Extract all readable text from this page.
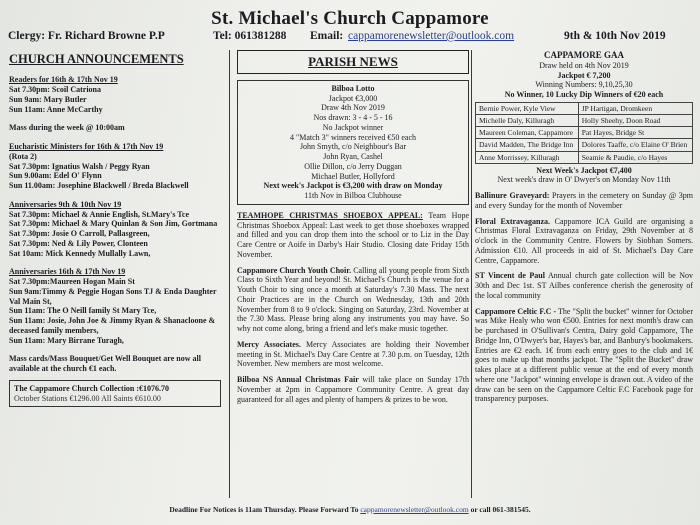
St. Michael's Church Cappamore
Clergy: Fr. Richard Browne P.P	Tel: 061381288 Email: cappamorenewsletter@outlook.com	9th & 10th Nov 2019
CHURCH ANNOUNCEMENTS
Readers for 16th & 17th Nov 19
Sat 7.30pm: Scoil Catriona
Sun 9am: Mary Butler
Sun 11am: Anne McCarthy
Mass during the week @ 10:00am
Eucharistic Ministers for 16th & 17th Nov 19
(Rota 2)
Sat 7.30pm: Ignatius Walsh / Peggy Ryan
Sun 9.00am: Edel O' Flynn
Sun 11.00am: Josephine Blackwell / Breda Blackwell
Anniversaries 9th & 10th Nov 19
Sat 7.30pm: Michael & Annie English, St.Mary's Tce
Sat 7.30pm: Michael & Mary Quinlan & Son Jim, Gortmana
Sat 7.30pm: Josie O Carroll, Pallasgreen,
Sat 7.30pm: Ned & Lily Power, Clonteen
Sat 10am: Mick Kennedy Mullally Lawn,
Anniversaries 16th & 17th Nov 19
Sat 7.30pm:Maureen Hogan Main St
Sun 9am:Timmy & Peggie Hogan Sons TJ & Enda Daughter Val Main St,
Sun 11am: The O Neill family St Mary Tce,
Sun 11am: Josie, John Joe & Jimmy Ryan & Shanacloone & deceased family members,
Sun 11am: Mary Birrane Turagh,
Mass cards/Mass Bouquet/Get Well Bouquet are now all available at the church €1 each.
The Cappamore Church Collection :€1076.70
October Stations €1296.00 All Saints €610.00
PARISH NEWS
Bilboa Lotto
Jackpot €3,000
Draw 4th Nov 2019
Nos drawn: 3 - 4 - 5 - 16
No Jackpot winner
4 "Match 3" winners received €50 each
John Smyth, c/o Neighbour's Bar
John Ryan, Cashel
Ollie Dillon, c/o Jerry Duggan
Michael Butler, Hollyford
Next week's Jackpot is €3,200 with draw on Monday
11th Nov in Bilboa Clubhouse
TEAMHOPE CHRISTMAS SHOEBOX APPEAL: Team Hope Christmas Shoebox Appeal: Last week to get those shoeboxes wrapped and filled and you can drop them into the school or to Liz in the Day Care Centre or Aoife in Darby's Hair Studio. Closing date Friday 15th November.
Cappamore Church Youth Choir. Calling all young people from Sixth Class to Sixth Year and beyond! St. Michael's Church is the venue for a Youth Choir to sing once a month at Saturday's 7.30 Mass. The next Choir Practices are in the Church on Wednesday, 13th and 20th November from 8 to 9 o'clock. Singing on Saturday, 23rd. November at the 7.30 Mass. Please bring along any instruments you may have. So why not come along, bring a friend and let's make music together.
Mercy Associates. Mercy Associates are holding their November meeting in St. Michael's Day Care Centre at 7.30 p.m. on Tuesday, 12th November. New members are most welcome.
Bilboa NS Annual Christmas Fair will take place on Sunday 17th November at 2pm in Cappamore Community Centre. A great day guaranteed for all ages and plenty of hampers & prizes to be won.
CAPPAMORE GAA
Draw held on 4th Nov 2019
Jackpot € 7,200
Winning Numbers: 9,10,25,30
No Winner, 10 Lucky Dip Winners of €20 each
Bernie Power, Kyle View	JP Hartigan, Dromkeen
Michelle Daly, Killuragh	Holly Sheehy, Doon Road
Maureen Coleman, Cappamore	Pat Hayes, Bridge St
David Madden, The Bridge Inn	Dolores Taaffe, c/o Elaine O' Brien
Anne Morrissey, Killuragh	Seamie & Paudie, c/o Hayes
Next Week's Jackpot €7,400
Next week's draw in O' Dwyer's on Monday Nov 11th
Ballinure Graveyard: Prayers in the cemetery on Sunday @ 3pm and every Sunday for the month of November
Floral Extravaganza. Cappamore ICA Guild are organising a Christmas Floral Extravaganza on Friday, 29th November at 8 o'clock in the Community Centre. Flowers by Siobhan Somers. Admission €10. All proceeds in aid of St. Michael's Day Care Centre, Cappamore.
ST Vincent de Paul Annual church gate collection will be Nov 30th and Dec 1st. ST Ailbes conference cherish the generosity of the local community
Cappamore Celtic F.C - The "Split the bucket" winner for October was Mike Healy who won €500. Entries for next month's draw can be purchased in O'Sullivan's Centra, Dairy gold Cappamore, The Bridge Inn, O'Dwyer's bar, Hayes's bar, and Banbury's bookmakers. Entries are €2 each. 1€ from each entry goes to the club and 1€ goes to make up that months jackpot. The "Split the Bucket" draw takes place at a different public venue at the end of every month where one "Jackpot" winning envelope is drawn out. A video of the draw can be seen on the Cappamore Celtic F.C Facebook page for transparency purposes.
Deadline For Notices is 11am Thursday. Please Forward To cappamorenewsletter@outlook.com or call 061-381545.
